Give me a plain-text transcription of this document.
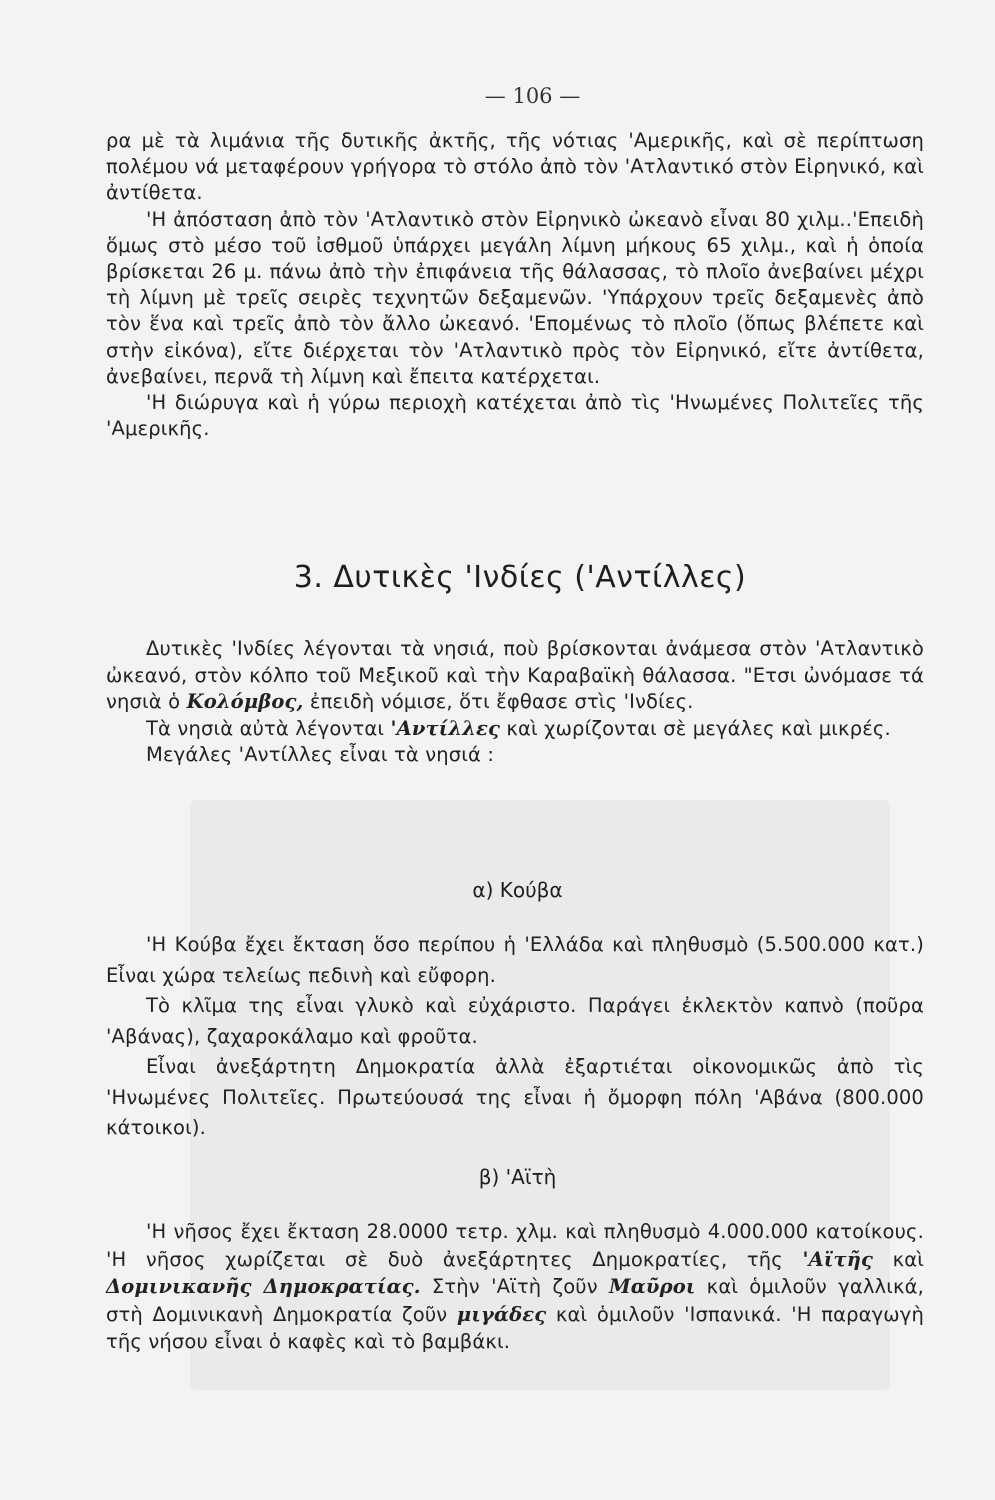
— 106 —

ρα μὲ τὰ λιμάνια τῆς δυτικῆς ἀκτῆς, τῆς νότιας 'Αμερικῆς, καὶ σὲ περίπτωση πολέμου νά μεταφέρουν γρήγορα τὸ στόλο ἀπὸ τὸν 'Ατλαντικό στὸν Εἰρηνικό, καὶ ἀντίθετα.

'Η ἀπόσταση ἀπὸ τὸν 'Ατλαντικὸ στὸν Εἰρηνικὸ ὠκεανὸ εἶναι 80 χιλμ..'Επειδὴ ὅμως στὸ μέσο τοῦ ἰσθμοῦ ὑπάρχει μεγάλη λίμνη μήκους 65 χιλμ., καὶ ἡ ὁποία βρίσκεται 26 μ. πάνω ἀπὸ τὴν ἐπιφάνεια τῆς θάλασσας, τὸ πλοῖο ἀνεβαίνει μέχρι τὴ λίμνη μὲ τρεῖς σειρὲς τεχνητῶν δεξαμενῶν. 'Υπάρχουν τρεῖς δεξαμενὲς ἀπὸ τὸν ἕνα καὶ τρεῖς ἀπὸ τὸν ἄλλο ὠκεανό. 'Επομένως τὸ πλοῖο (ὅπως βλέπετε καὶ στὴν εἰκόνα), εἴτε διέρχεται τὸν 'Ατλαντικὸ πρὸς τὸν Εἰρηνικό, εἴτε ἀντίθετα, ἀνεβαίνει, περνᾶ τὴ λίμνη καὶ ἔπειτα κατέρχεται.

'Η διώρυγα καὶ ἡ γύρω περιοχὴ κατέχεται ἀπὸ τὶς 'Ηνωμένες Πολιτεῖες τῆς 'Αμερικῆς.

3. Δυτικὲς 'Ινδίες ('Αντίλλες)

Δυτικὲς 'Ινδίες λέγονται τὰ νησιά, ποὺ βρίσκονται ἀνάμεσα στὸν 'Ατλαντικὸ ὠκεανό, στὸν κόλπο τοῦ Μεξικοῦ καὶ τὴν Καραβαϊκὴ θάλασσα. "Ετσι ὠνόμασε τά νησιὰ ὁ Κολόμβος, ἐπειδὴ νόμισε, ὅτι ἔφθασε στὶς 'Ινδίες.

Τὰ νησιὰ αὐτὰ λέγονται 'Αντίλλες καὶ χωρίζονται σὲ μεγάλες καὶ μικρές.

Μεγάλες 'Αντίλλες εἶναι τὰ νησιά :

α) Κούβα

'Η Κούβα ἔχει ἔκταση ὅσο περίπου ἡ 'Ελλάδα καὶ πληθυσμὸ (5.500.000 κατ.) Εἶναι χώρα τελείως πεδινὴ καὶ εὔφορη.

Τὸ κλῖμα της εἶναι γλυκὸ καὶ εὐχάριστο. Παράγει ἐκλεκτὸν καπνὸ (ποῦρα 'Αβάνας), ζαχαροκάλαμο καὶ φροῦτα.

Εἶναι ἀνεξάρτητη Δημοκρατία ἀλλὰ ἐξαρτιέται οἰκονομικῶς ἀπὸ τὶς 'Ηνωμένες Πολιτεῖες. Πρωτεύουσά της εἶναι ἡ ὄμορφη πόλη 'Αβάνα (800.000 κάτοικοι).

β) 'Αϊτὴ

'Η νῆσος ἔχει ἔκταση 28.0000 τετρ. χλμ. καὶ πληθυσμὸ 4.000.000 κατοίκους. 'Η νῆσος χωρίζεται σὲ δυὸ ἀνεξάρτητες Δημοκρατίες, τῆς 'Αϊτῆς καὶ Δομινικανῆς Δημοκρατίας. Στὴν 'Αϊτὴ ζοῦν Μαῦροι καὶ ὁμιλοῦν γαλλικά, στὴ Δομινικανὴ Δημοκρατία ζοῦν μιγάδες καὶ ὁμιλοῦν 'Ισπανικά. 'Η παραγωγὴ τῆς νήσου εἶναι ὁ καφὲς καὶ τὸ βαμβάκι.
